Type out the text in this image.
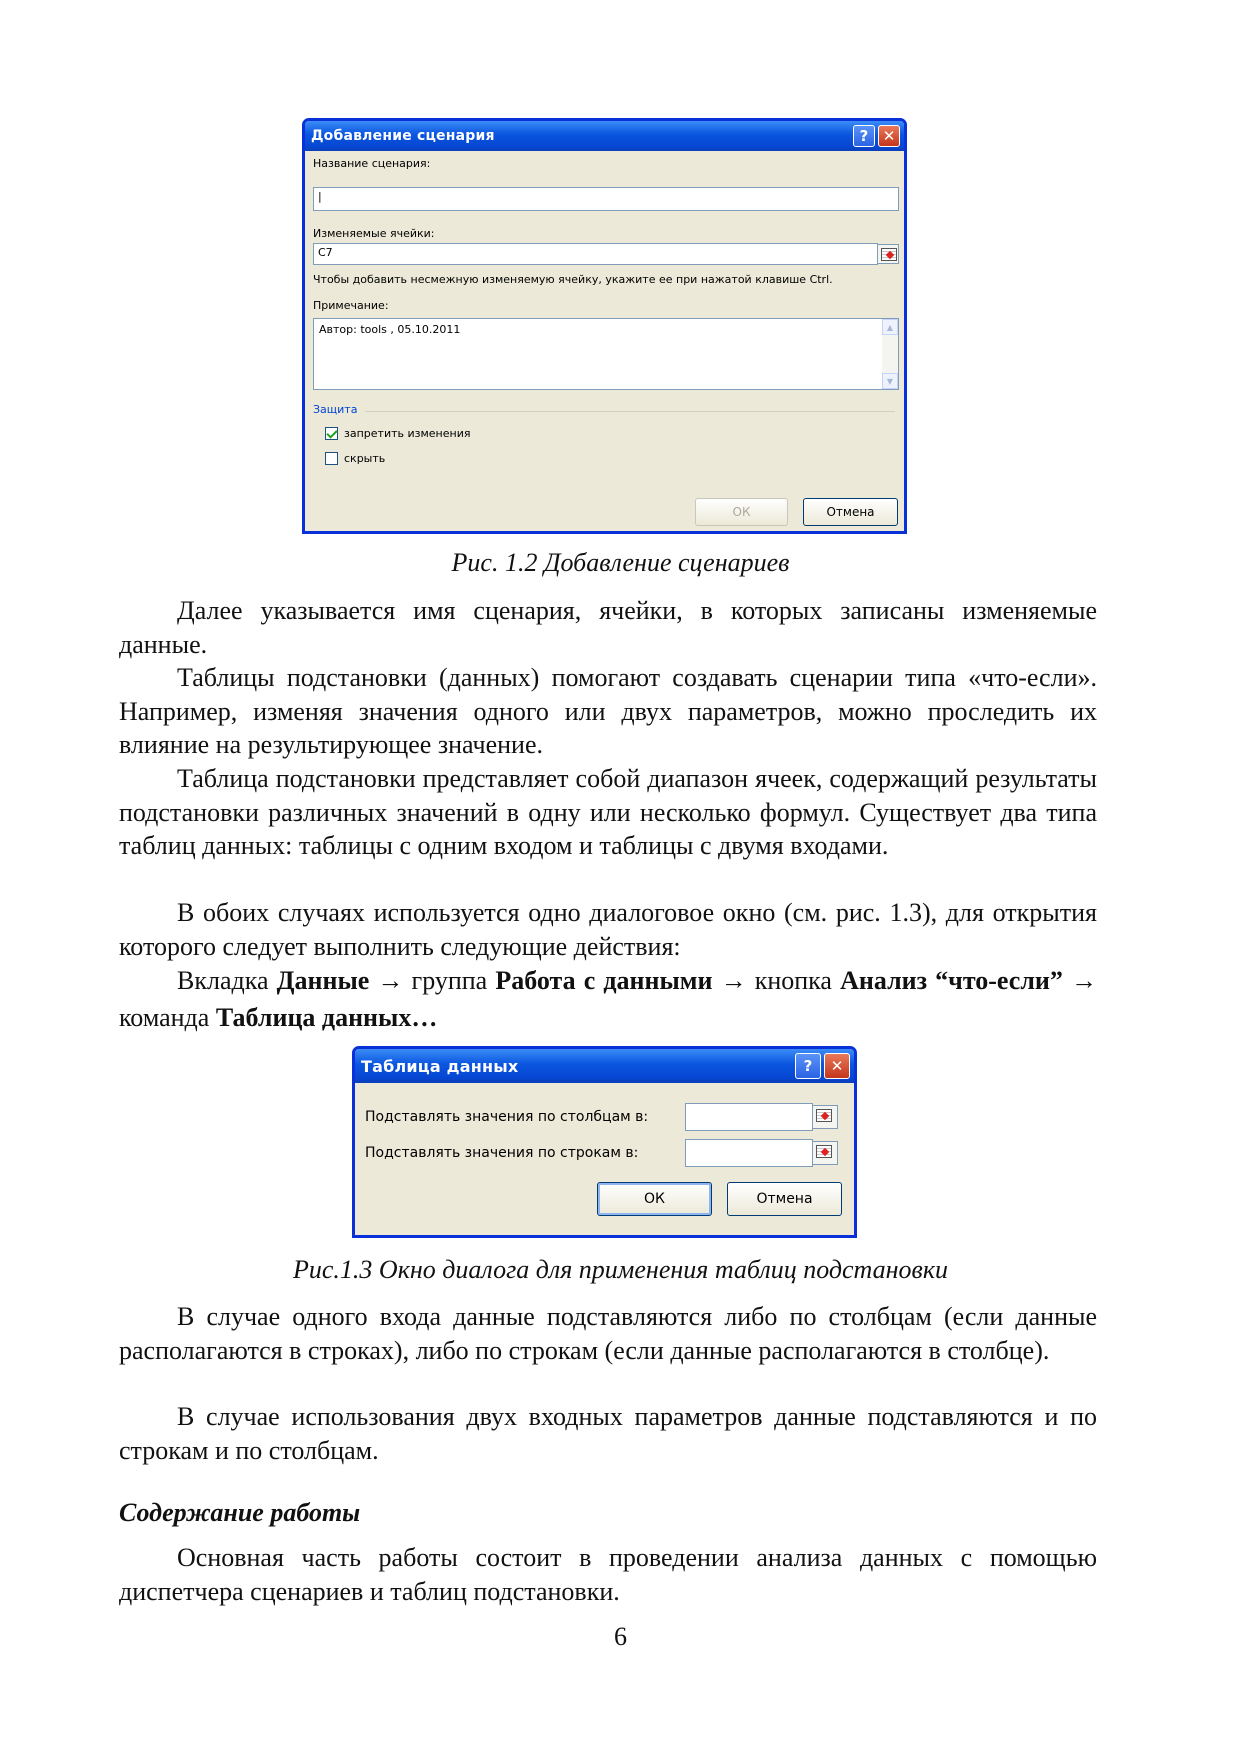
Добавление сценария	? ✕
Название сценария:
|
Изменяемые ячейки:
C7
Чтобы добавить несмежную изменяемую ячейку, укажите ее при нажатой клавише Ctrl.
Примечание:
Автор: tools , 05.10.2011	▲
▼
Защита
запретить изменения
скрыть
ОК	Отмена
Рис. 1.2 Добавление сценариев

Далее указывается имя сценария, ячейки, в которых записаны изменяемые данные.

Таблицы подстановки (данных) помогают создавать сценарии типа «что-если». Например, изменяя значения одного или двух параметров, можно проследить их влияние на результирующее значение.

Таблица подстановки представляет собой диапазон ячеек, содержащий результаты подстановки различных значений в одну или несколько формул. Существует два типа таблиц данных: таблицы с одним входом и таблицы с двумя входами.

В обоих случаях используется одно диалоговое окно (см. рис. 1.3), для открытия которого следует выполнить следующие действия:

Вкладка Данные → группа Работа с данными → кнопка Анализ “что-если” → команда Таблица данных…

Таблица данных	?	✕
Подставлять значения по столбцам в:
Подставлять значения по строкам в:
ОК	Отмена
Рис.1.3 Окно диалога для применения таблиц подстановки

В случае одного входа данные подставляются либо по столбцам (если данные располагаются в строках), либо по строкам (если данные располагаются в столбце).

В случае использования двух входных параметров данные подставляются и по строкам и по столбцам.

Содержание работы

Основная часть работы состоит в проведении анализа данных с помощью диспетчера сценариев и таблиц подстановки.

6
